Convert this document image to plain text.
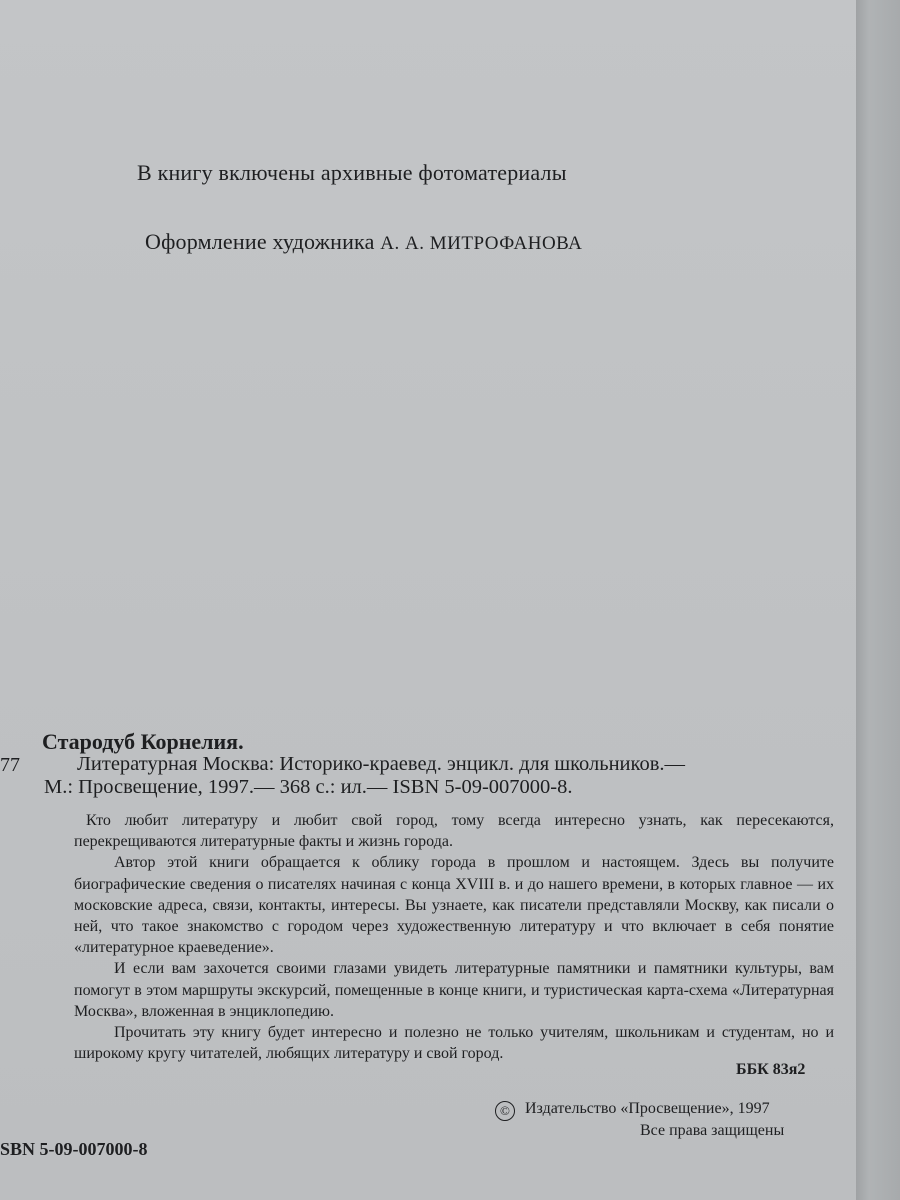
В книгу включены архивные фотоматериалы
Оформление художника А. А. МИТРОФАНОВА
Стародуб Корнелия.
77	Литературная Москва: Историко-краевед. энцикл. для школьников.—
М.: Просвещение, 1997.— 368 с.: ил.— ISBN 5-09-007000-8.

Кто любит литературу и любит свой город, тому всегда интересно узнать, как пересекаются, перекрещиваются литературные факты и жизнь города.

Автор этой книги обращается к облику города в прошлом и настоящем. Здесь вы получите биографические сведения о писателях начиная с конца XVIII в. и до нашего времени, в которых главное — их московские адреса, связи, контакты, интересы. Вы узнаете, как писатели представляли Москву, как писали о ней, что такое знакомство с городом через художественную литературу и что включает в себя понятие «литературное краеведение».

И если вам захочется своими глазами увидеть литературные памятники и памятники культуры, вам помогут в этом маршруты экскурсий, помещенные в конце книги, и туристическая карта-схема «Литературная Москва», вложенная в энциклопедию.

Прочитать эту книгу будет интересно и полезно не только учителям, школьникам и студентам, но и широкому кругу читателей, любящих литературу и свой город.

ББК 83я2
© Издательство «Просвещение», 1997
Все права защищены
SBN 5-09-007000-8
